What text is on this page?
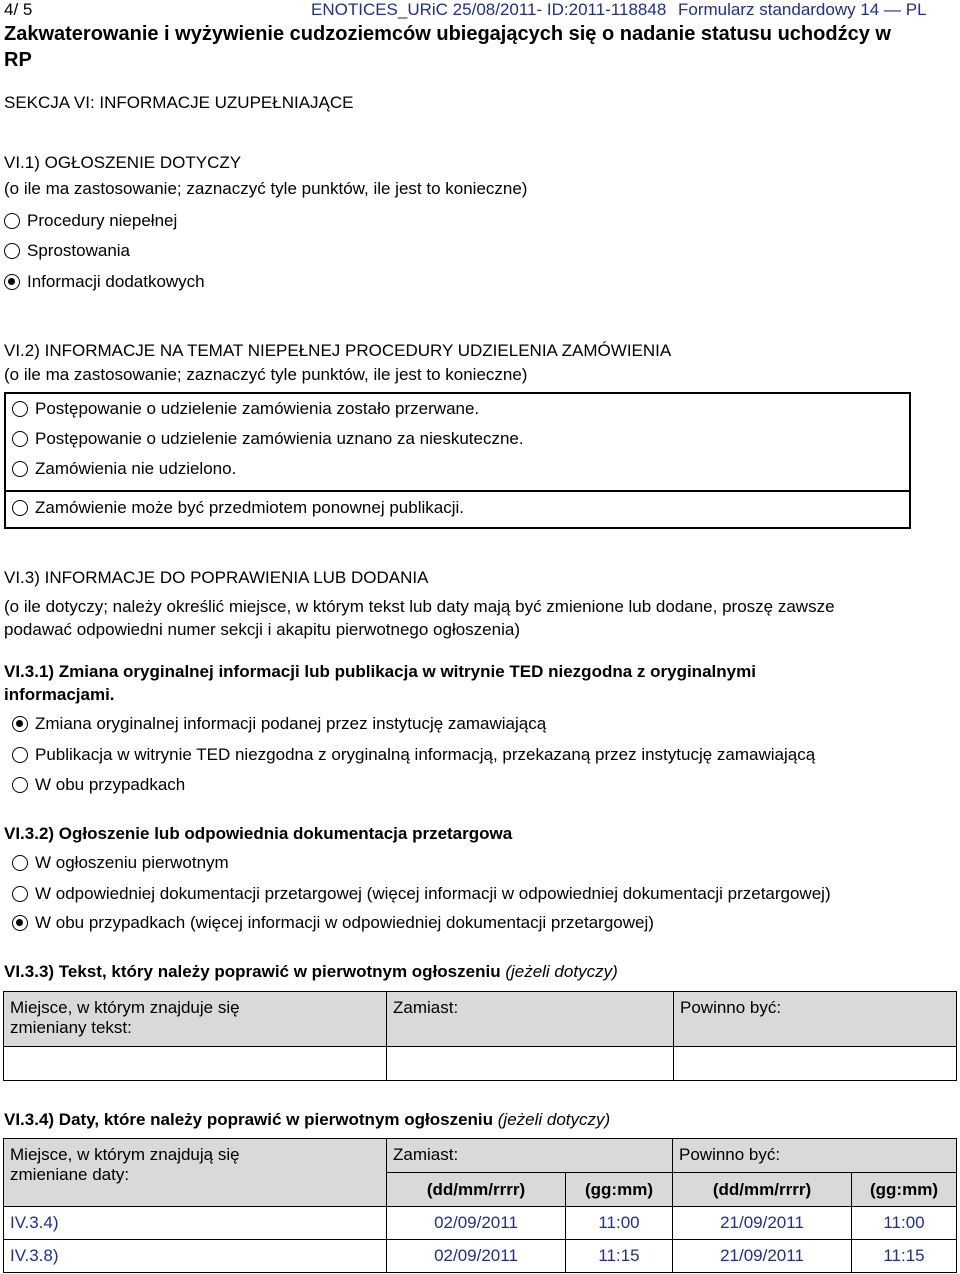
4/ 5	ENOTICES_URiC 25/08/2011- ID:2011-118848 Formularz standardowy 14 — PL
Zakwaterowanie i wyżywienie cudzoziemców ubiegających się o nadanie statusu uchodźcy w RP
SEKCJA VI: INFORMACJE UZUPEŁNIAJĄCE
VI.1) OGŁOSZENIE DOTYCZY
(o ile ma zastosowanie; zaznaczyć tyle punktów, ile jest to konieczne)
Procedury niepełnej
Sprostowania
Informacji dodatkowych
VI.2) INFORMACJE NA TEMAT NIEPEŁNEJ PROCEDURY UDZIELENIA ZAMÓWIENIA
(o ile ma zastosowanie; zaznaczyć tyle punktów, ile jest to konieczne)
Postępowanie o udzielenie zamówienia zostało przerwane.
Postępowanie o udzielenie zamówienia uznano za nieskuteczne.
Zamówienia nie udzielono.
Zamówienie może być przedmiotem ponownej publikacji.
VI.3) INFORMACJE DO POPRAWIENIA LUB DODANIA
(o ile dotyczy; należy określić miejsce, w którym tekst lub daty mają być zmienione lub dodane, proszę zawsze
podawać odpowiedni numer sekcji i akapitu pierwotnego ogłoszenia)
VI.3.1) Zmiana oryginalnej informacji lub publikacja w witrynie TED niezgodna z oryginalnymi
informacjami.
Zmiana oryginalnej informacji podanej przez instytucję zamawiającą
Publikacja w witrynie TED niezgodna z oryginalną informacją, przekazaną przez instytucję zamawiającą
W obu przypadkach
VI.3.2) Ogłoszenie lub odpowiednia dokumentacja przetargowa
W ogłoszeniu pierwotnym
W odpowiedniej dokumentacji przetargowej (więcej informacji w odpowiedniej dokumentacji przetargowej)
W obu przypadkach (więcej informacji w odpowiedniej dokumentacji przetargowej)
VI.3.3) Tekst, który należy poprawić w pierwotnym ogłoszeniu (jeżeli dotyczy)
Miejsce, w którym znajduje się
zmieniany tekst:	Zamiast:	Powinno być:

VI.3.4) Daty, które należy poprawić w pierwotnym ogłoszeniu (jeżeli dotyczy)
Miejsce, w którym znajdują się
zmieniane daty:	Zamiast:		Powinno być:	
	(dd/mm/rrrr)	(gg:mm)	(dd/mm/rrrr)	(gg:mm)
IV.3.4)	02/09/2011	11:00	21/09/2011	11:00
IV.3.8)	02/09/2011	11:15	21/09/2011	11:15
